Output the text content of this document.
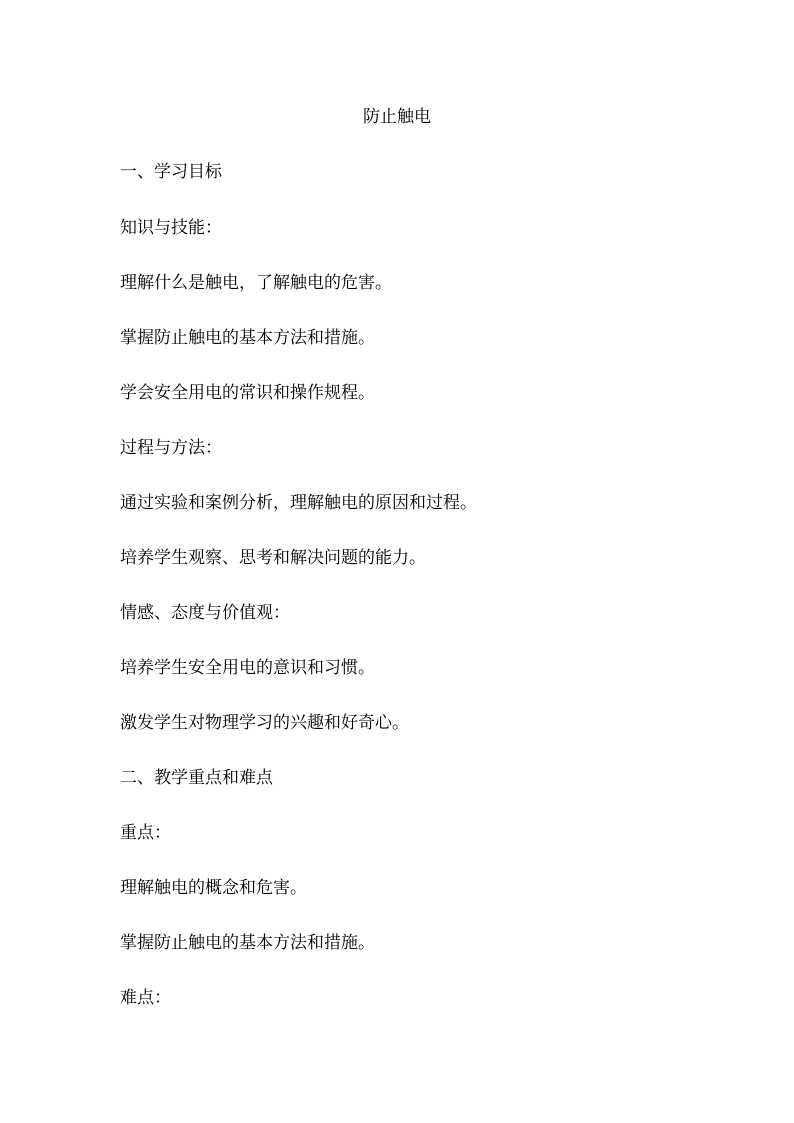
防止触电
一、学习目标
知识与技能：
理解什么是触电，了解触电的危害。
掌握防止触电的基本方法和措施。
学会安全用电的常识和操作规程。
过程与方法：
通过实验和案例分析，理解触电的原因和过程。
培养学生观察、思考和解决问题的能力。
情感、态度与价值观：
培养学生安全用电的意识和习惯。
激发学生对物理学习的兴趣和好奇心。
二、教学重点和难点
重点：
理解触电的概念和危害。
掌握防止触电的基本方法和措施。
难点：
